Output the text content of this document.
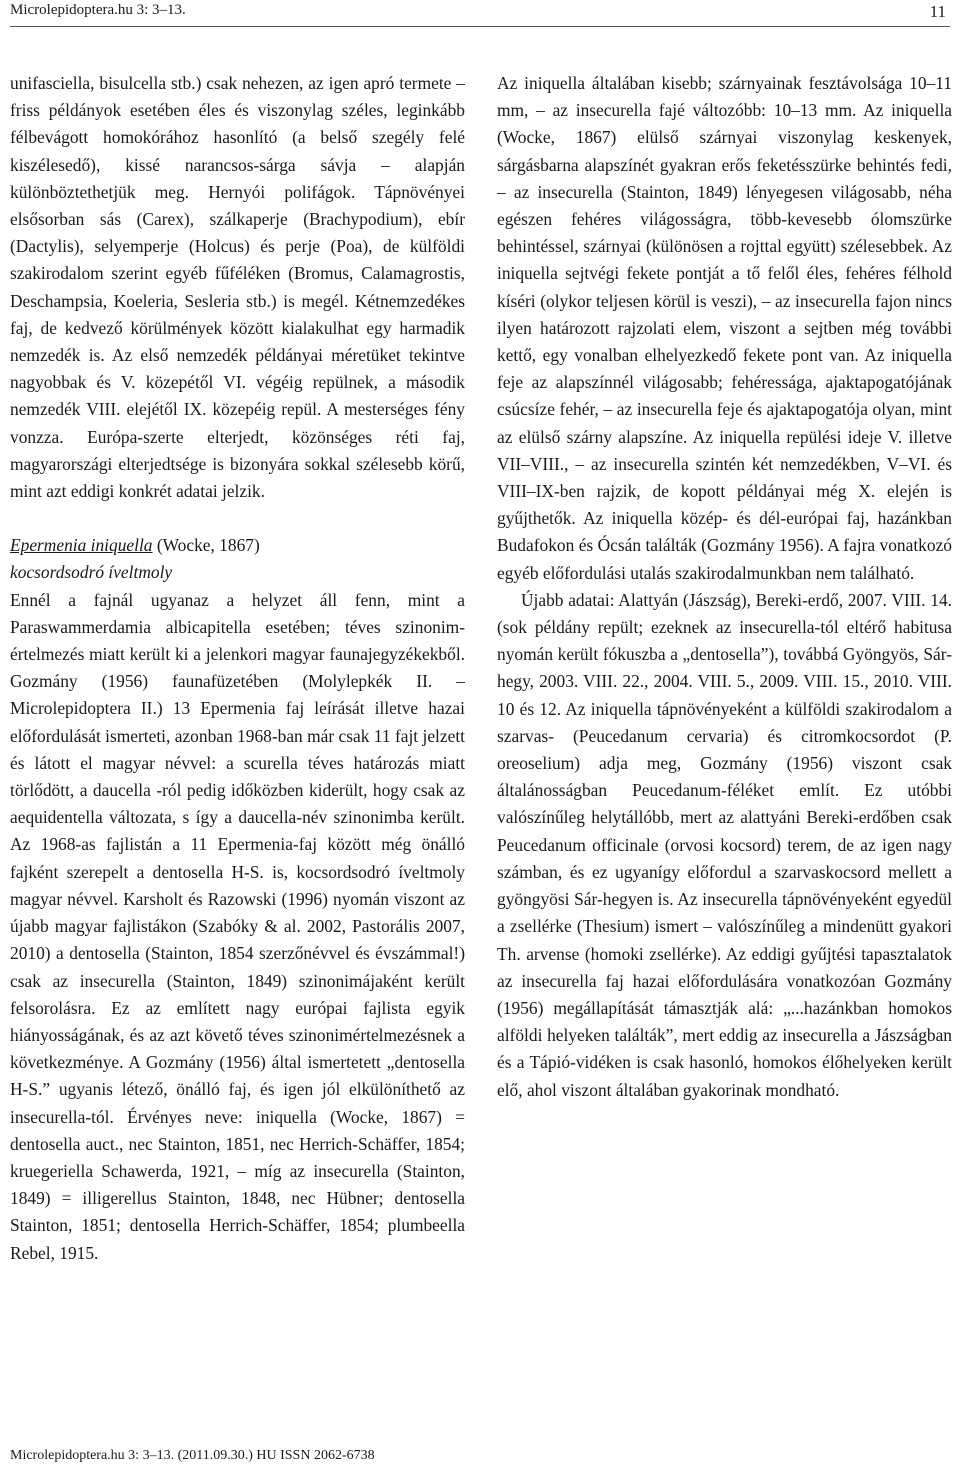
Microlepidoptera.hu 3: 3–13.	11

unifasciella, bisulcella stb.) csak nehezen, az igen apró termete – friss példányok esetében éles és viszonylag széles, leginkább félbevágott homokórához hasonlító (a belső szegély felé kiszélesedő), kissé narancsos-sárga sávja – alapján különböztethetjük meg. Hernyói polifágok. Tápnövényei elsősorban sás (Carex), szálkaperje (Brachypodium), ebír (Dactylis), selyemperje (Holcus) és perje (Poa), de külföldi szakirodalom szerint egyéb fűféléken (Bromus, Calamagrostis, Deschampsia, Koeleria, Sesleria stb.) is megél. Kétnemzedékes faj, de kedvező körülmények között kialakulhat egy harmadik nemzedék is. Az első nemzedék példányai méretüket tekintve nagyobbak és V. közepétől VI. végéig repülnek, a második nemzedék VIII. elejétől IX. közepéig repül. A mesterséges fény vonzza. Európa-szerte elterjedt, közönséges réti faj, magyarországi elterjedtsége is bizonyára sokkal szélesebb körű, mint azt eddigi konkrét adatai jelzik.

Epermenia iniquella (Wocke, 1867)

kocsordsodró íveltmoly

Ennél a fajnál ugyanaz a helyzet áll fenn, mint a Paraswammerdamia albicapitella esetében; téves szinonim-értelmezés miatt került ki a jelenkori magyar faunajegyzékekből. Gozmány (1956) faunafüzetében (Molylepkék II. – Microlepidoptera II.) 13 Epermenia faj leírását illetve hazai előfordulását ismerteti, azonban 1968-ban már csak 11 fajt jelzett és látott el magyar névvel: a scurella téves határozás miatt törlődött, a daucella -ról pedig időközben kiderült, hogy csak az aequidentella változata, s így a daucella-név szinonimba került. Az 1968-as fajlistán a 11 Epermenia-faj között még önálló fajként szerepelt a dentosella H-S. is, kocsordsodró íveltmoly magyar névvel. Karsholt és Razowski (1996) nyomán viszont az újabb magyar fajlistákon (Szabóky & al. 2002, Pastorális 2007, 2010) a dentosella (Stainton, 1854 szerzőnévvel és évszámmal!) csak az insecurella (Stainton, 1849) szinonimájaként került felsorolásra. Ez az említett nagy európai fajlista egyik hiányosságának, és az azt követő téves szinonimértelmezésnek a következménye. A Gozmány (1956) által ismertetett „dentosella H-S.” ugyanis létező, önálló faj, és igen jól elkülöníthető az insecurella-tól. Érvényes neve: iniquella (Wocke, 1867) = dentosella auct., nec Stainton, 1851, nec Herrich-Schäffer, 1854; kruegeriella Schawerda, 1921, – míg az insecurella (Stainton, 1849) = illigerellus Stainton, 1848, nec Hübner; dentosella Stainton, 1851; dentosella Herrich-Schäffer, 1854; plumbeella Rebel, 1915.

Az iniquella általában kisebb; szárnyainak fesztávolsága 10–11 mm, – az insecurella fajé változóbb: 10–13 mm. Az iniquella (Wocke, 1867) elülső szárnyai viszonylag keskenyek, sárgásbarna alapszínét gyakran erős feketésszürke behintés fedi, – az insecurella (Stainton, 1849) lényegesen világosabb, néha egészen fehéres világosságra, több-kevesebb ólomszürke behintéssel, szárnyai (különösen a rojttal együtt) szélesebbek. Az iniquella sejtvégi fekete pontját a tő felől éles, fehéres félhold kíséri (olykor teljesen körül is veszi), – az insecurella fajon nincs ilyen határozott rajzolati elem, viszont a sejtben még további kettő, egy vonalban elhelyezkedő fekete pont van. Az iniquella feje az alapszínnél világosabb; fehéressága, ajaktapogatójának csúcsíze fehér, – az insecurella feje és ajaktapogatója olyan, mint az elülső szárny alapszíne. Az iniquella repülési ideje V. illetve VII–VIII., – az insecurella szintén két nemzedékben, V–VI. és VIII–IX-ben rajzik, de kopott példányai még X. elején is gyűjthetők. Az iniquella közép- és dél-európai faj, hazánkban Budafokon és Ócsán találták (Gozmány 1956). A fajra vonatkozó egyéb előfordulási utalás szakirodalmunkban nem található.

Újabb adatai: Alattyán (Jászság), Bereki-erdő, 2007. VIII. 14. (sok példány repült; ezeknek az insecurella-tól eltérő habitusa nyomán került fókuszba a „dentosella”), továbbá Gyöngyös, Sár-hegy, 2003. VIII. 22., 2004. VIII. 5., 2009. VIII. 15., 2010. VIII. 10 és 12. Az iniquella tápnövényeként a külföldi szakirodalom a szarvas- (Peucedanum cervaria) és citromkocsordot (P. oreoselium) adja meg, Gozmány (1956) viszont csak általánosságban Peucedanum-féléket említ. Ez utóbbi valószínűleg helytállóbb, mert az alattyáni Bereki-erdőben csak Peucedanum officinale (orvosi kocsord) terem, de az igen nagy számban, és ez ugyanígy előfordul a szarvaskocsord mellett a gyöngyösi Sár-hegyen is. Az insecurella tápnövényeként egyedül a zsellérke (Thesium) ismert – valószínűleg a mindenütt gyakori Th. arvense (homoki zsellérke). Az eddigi gyűjtési tapasztalatok az insecurella faj hazai előfordulására vonatkozóan Gozmány (1956) megállapítását támasztják alá: „...hazánkban homokos alföldi helyeken találták”, mert eddig az insecurella a Jászságban és a Tápió-vidéken is csak hasonló, homokos élőhelyeken került elő, ahol viszont általában gyakorinak mondható.

Microlepidoptera.hu 3: 3–13. (2011.09.30.) HU ISSN 2062-6738
